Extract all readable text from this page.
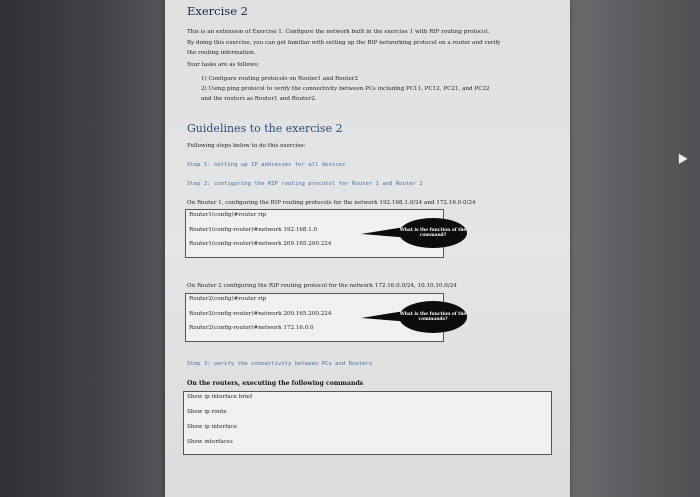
Exercise 2
This is an extension of Exercise 1. Configure the network built in the exercise 1 with RIP routing protocol.
By doing this exercise, you can get familiar with setting up the RIP networking protocol on a router and verify
the routing information.
Your tasks are as follows:
1) Configure routing protocols on Router1 and Router2
2) Using ping protocol to verify the connectivity between PCs including PC11, PC12, PC21, and PC22
and the routers as Router1 and Router2.
Guidelines to the exercise 2
Following steps below to do this exercise:
Step 1: setting up IP addresses for all devices
Step 2: configuring the RIP routing procotol for Router 1 and Router 2
On Router 1, configuring the RIP routing protocols for the network 192.168.1.0/24 and 172.16.0.0/24
Router1(config)#router rip
Router1(config-router)#network 192.168.1.0
Router1(config-router)#network 209.165.200.224
What is the function of the command?
On Router 2 configuring the RIP routing protocol for the network 172.16.0.0/24, 10.10.10.0/24
Router2(config)#router rip
Router2(config-router)#network 209.165.200.224
Router2(config-router)#network 172.16.0.0
What is the function of the commands?
Step 3: verify the connectivity between PCs and Routers
On the routers, executing the following commands
Show ip interface brief
Show ip route
Show ip interface
Show interfaces
